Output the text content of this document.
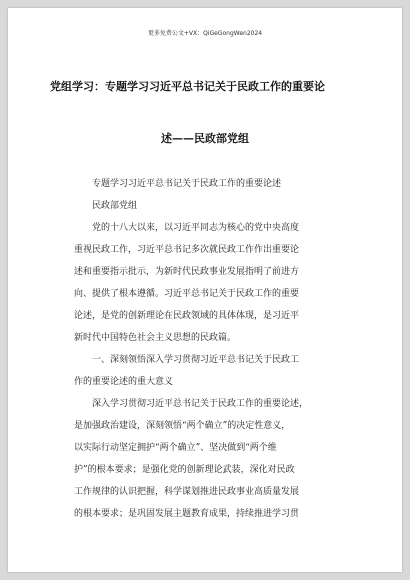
更多免费公文+VX：QiGeGongWen2024
党组学习：专题学习习近平总书记关于民政工作的重要论
述——民政部党组
专题学习习近平总书记关于民政工作的重要论述
民政部党组
党的十八大以来，以习近平同志为核心的党中央高度
重视民政工作，习近平总书记多次就民政工作作出重要论
述和重要指示批示，为新时代民政事业发展指明了前进方
向、提供了根本遵循。习近平总书记关于民政工作的重要
论述，是党的创新理论在民政领域的具体体现，是习近平
新时代中国特色社会主义思想的民政篇。
一、深刻领悟深入学习贯彻习近平总书记关于民政工
作的重要论述的重大意义
深入学习贯彻习近平总书记关于民政工作的重要论述，
是加强政治建设，深刻领悟“两个确立”的决定性意义，
以实际行动坚定拥护“两个确立”、坚决做到“两个维
护”的根本要求；是强化党的创新理论武装，深化对民政
工作规律的认识把握，科学谋划推进民政事业高质量发展
的根本要求；是巩固发展主题教育成果，持续推进学习贯
